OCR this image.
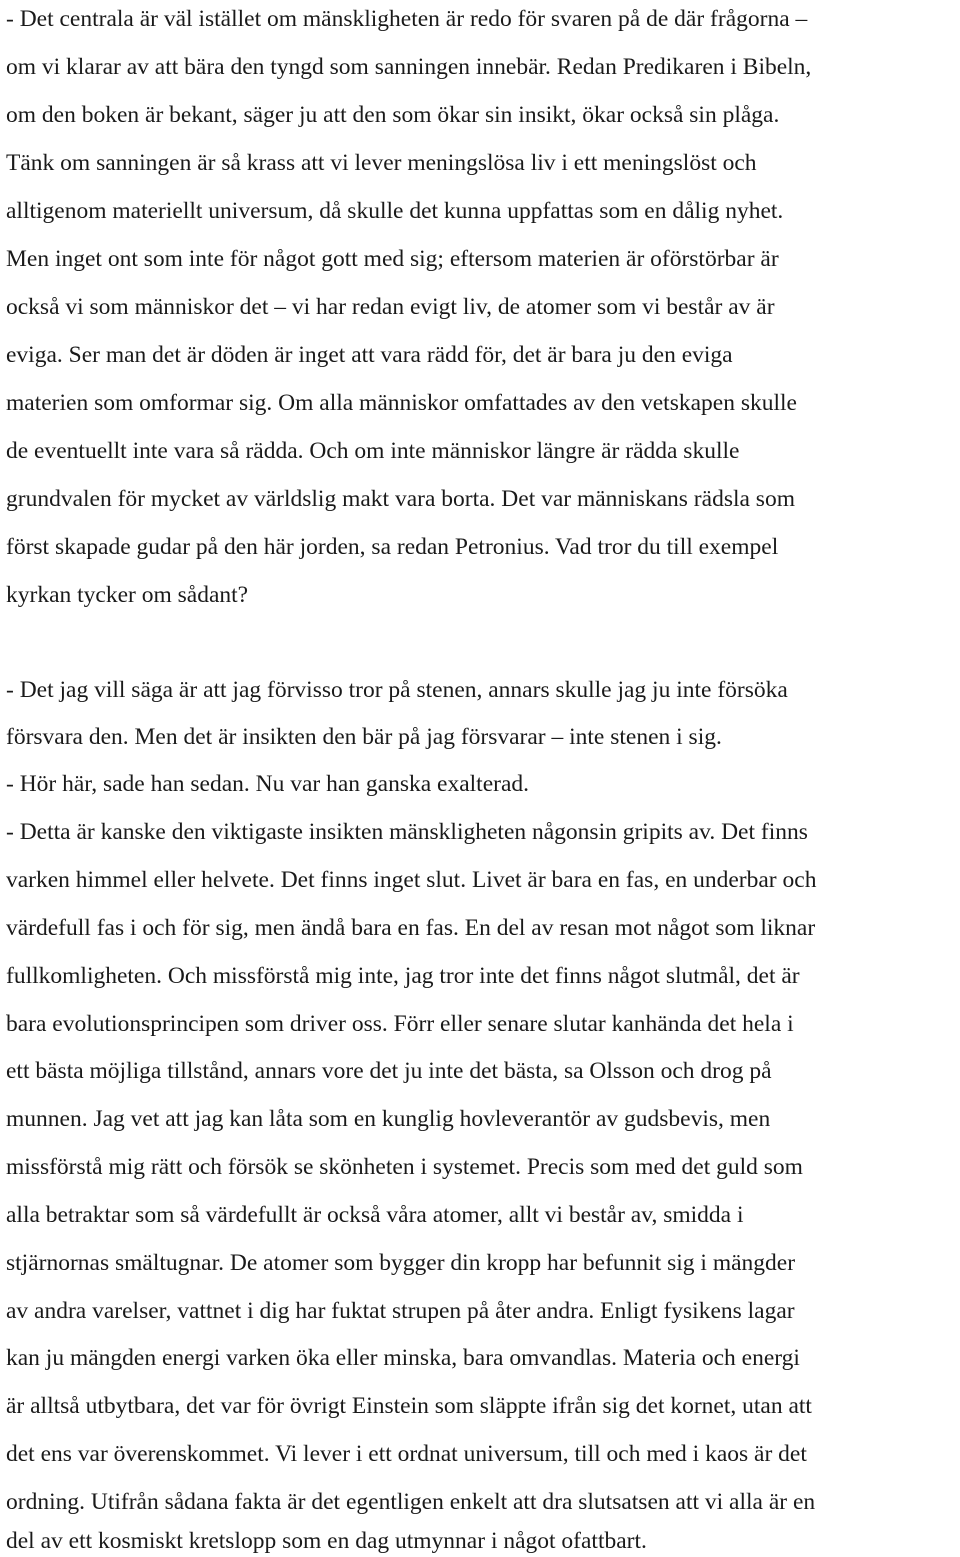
- Det centrala är väl istället om mänskligheten är redo för svaren på de där frågorna –
om vi klarar av att bära den tyngd som sanningen innebär. Redan Predikaren i Bibeln,
om den boken är bekant, säger ju att den som ökar sin insikt, ökar också sin plåga.
Tänk om sanningen är så krass att vi lever meningslösa liv i ett meningslöst och
alltigenom materiellt universum, då skulle det kunna uppfattas som en dålig nyhet.
Men inget ont som inte för något gott med sig; eftersom materien är oförstörbar är
också vi som människor det – vi har redan evigt liv, de atomer som vi består av är
eviga. Ser man det är döden är inget att vara rädd för, det är bara ju den eviga
materien som omformar sig. Om alla människor omfattades av den vetskapen skulle
de eventuellt inte vara så rädda. Och om inte människor längre är rädda skulle
grundvalen för mycket av världslig makt vara borta. Det var människans rädsla som
först skapade gudar på den här jorden, sa redan Petronius. Vad tror du till exempel
kyrkan tycker om sådant?
- Det jag vill säga är att jag förvisso tror på stenen, annars skulle jag ju inte försöka
försvara den. Men det är insikten den bär på jag försvarar – inte stenen i sig.
- Hör här, sade han sedan. Nu var han ganska exalterad.
- Detta är kanske den viktigaste insikten mänskligheten någonsin gripits av. Det finns
varken himmel eller helvete. Det finns inget slut. Livet är bara en fas, en underbar och
värdefull fas i och för sig, men ändå bara en fas. En del av resan mot något som liknar
fullkomligheten. Och missförstå mig inte, jag tror inte det finns något slutmål, det är
bara evolutionsprincipen som driver oss. Förr eller senare slutar kanhända det hela i
ett bästa möjliga tillstånd, annars vore det ju inte det bästa, sa Olsson och drog på
munnen. Jag vet att jag kan låta som en kunglig hovleverantör av gudsbevis, men
missförstå mig rätt och försök se skönheten i systemet. Precis som med det guld som
alla betraktar som så värdefullt är också våra atomer, allt vi består av, smidda i
stjärnornas smältugnar. De atomer som bygger din kropp har befunnit sig i mängder
av andra varelser, vattnet i dig har fuktat strupen på åter andra. Enligt fysikens lagar
kan ju mängden energi varken öka eller minska, bara omvandlas. Materia och energi
är alltså utbytbara, det var för övrigt Einstein som släppte ifrån sig det kornet, utan att
det ens var överenskommet. Vi lever i ett ordnat universum, till och med i kaos är det
ordning. Utifrån sådana fakta är det egentligen enkelt att dra slutsatsen att vi alla är en
del av ett kosmiskt kretslopp som en dag utmynnar i något ofattbart.
